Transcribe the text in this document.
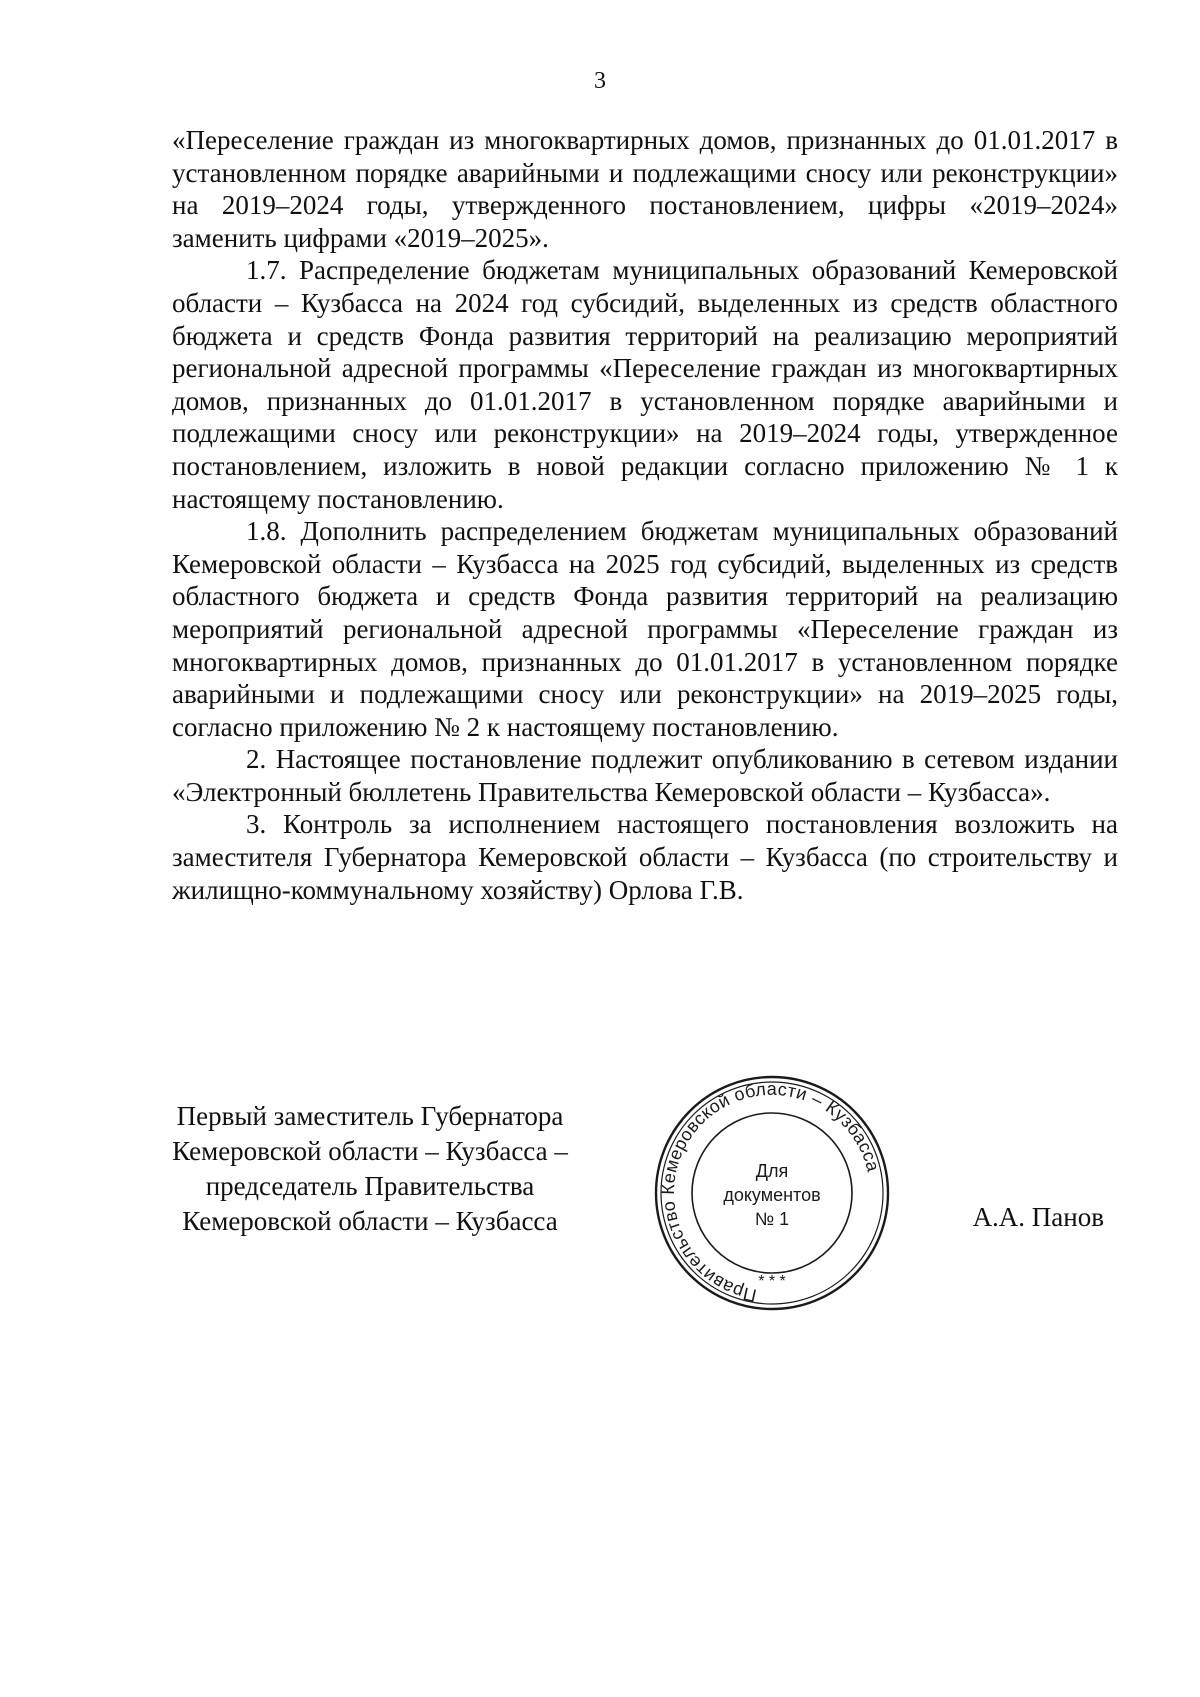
3

«Переселение граждан из многоквартирных домов, признанных до 01.01.2017 в установленном порядке аварийными и подлежащими сносу или реконструкции» на 2019–2024 годы, утвержденного постановлением, цифры «2019–2024» заменить цифрами «2019–2025».

1.7. Распределение бюджетам муниципальных образований Кемеровской области – Кузбасса на 2024 год субсидий, выделенных из средств областного бюджета и средств Фонда развития территорий на реализацию мероприятий региональной адресной программы «Переселение граждан из многоквартирных домов, признанных до 01.01.2017 в установленном порядке аварийными и подлежащими сносу или реконструкции» на 2019–2024 годы, утвержденное постановлением, изложить в новой редакции согласно приложению № 1 к настоящему постановлению.

1.8. Дополнить распределением бюджетам муниципальных образований Кемеровской области – Кузбасса на 2025 год субсидий, выделенных из средств областного бюджета и средств Фонда развития территорий на реализацию мероприятий региональной адресной программы «Переселение граждан из многоквартирных домов, признанных до 01.01.2017 в установленном порядке аварийными и подлежащими сносу или реконструкции» на 2019–2025 годы, согласно приложению № 2 к настоящему постановлению.

2. Настоящее постановление подлежит опубликованию в сетевом издании «Электронный бюллетень Правительства Кемеровской области – Кузбасса».

3. Контроль за исполнением настоящего постановления возложить на заместителя Губернатора Кемеровской области – Кузбасса (по строительству и жилищно-коммунальному хозяйству) Орлова Г.В.

Первый заместитель Губернатора
Кемеровской области – Кузбасса –
председатель Правительства
Кемеровской области – Кузбасса
Правительство Кемеровской области – Кузбасса
* * *
Для
документов
№ 1	А.А. Панов
